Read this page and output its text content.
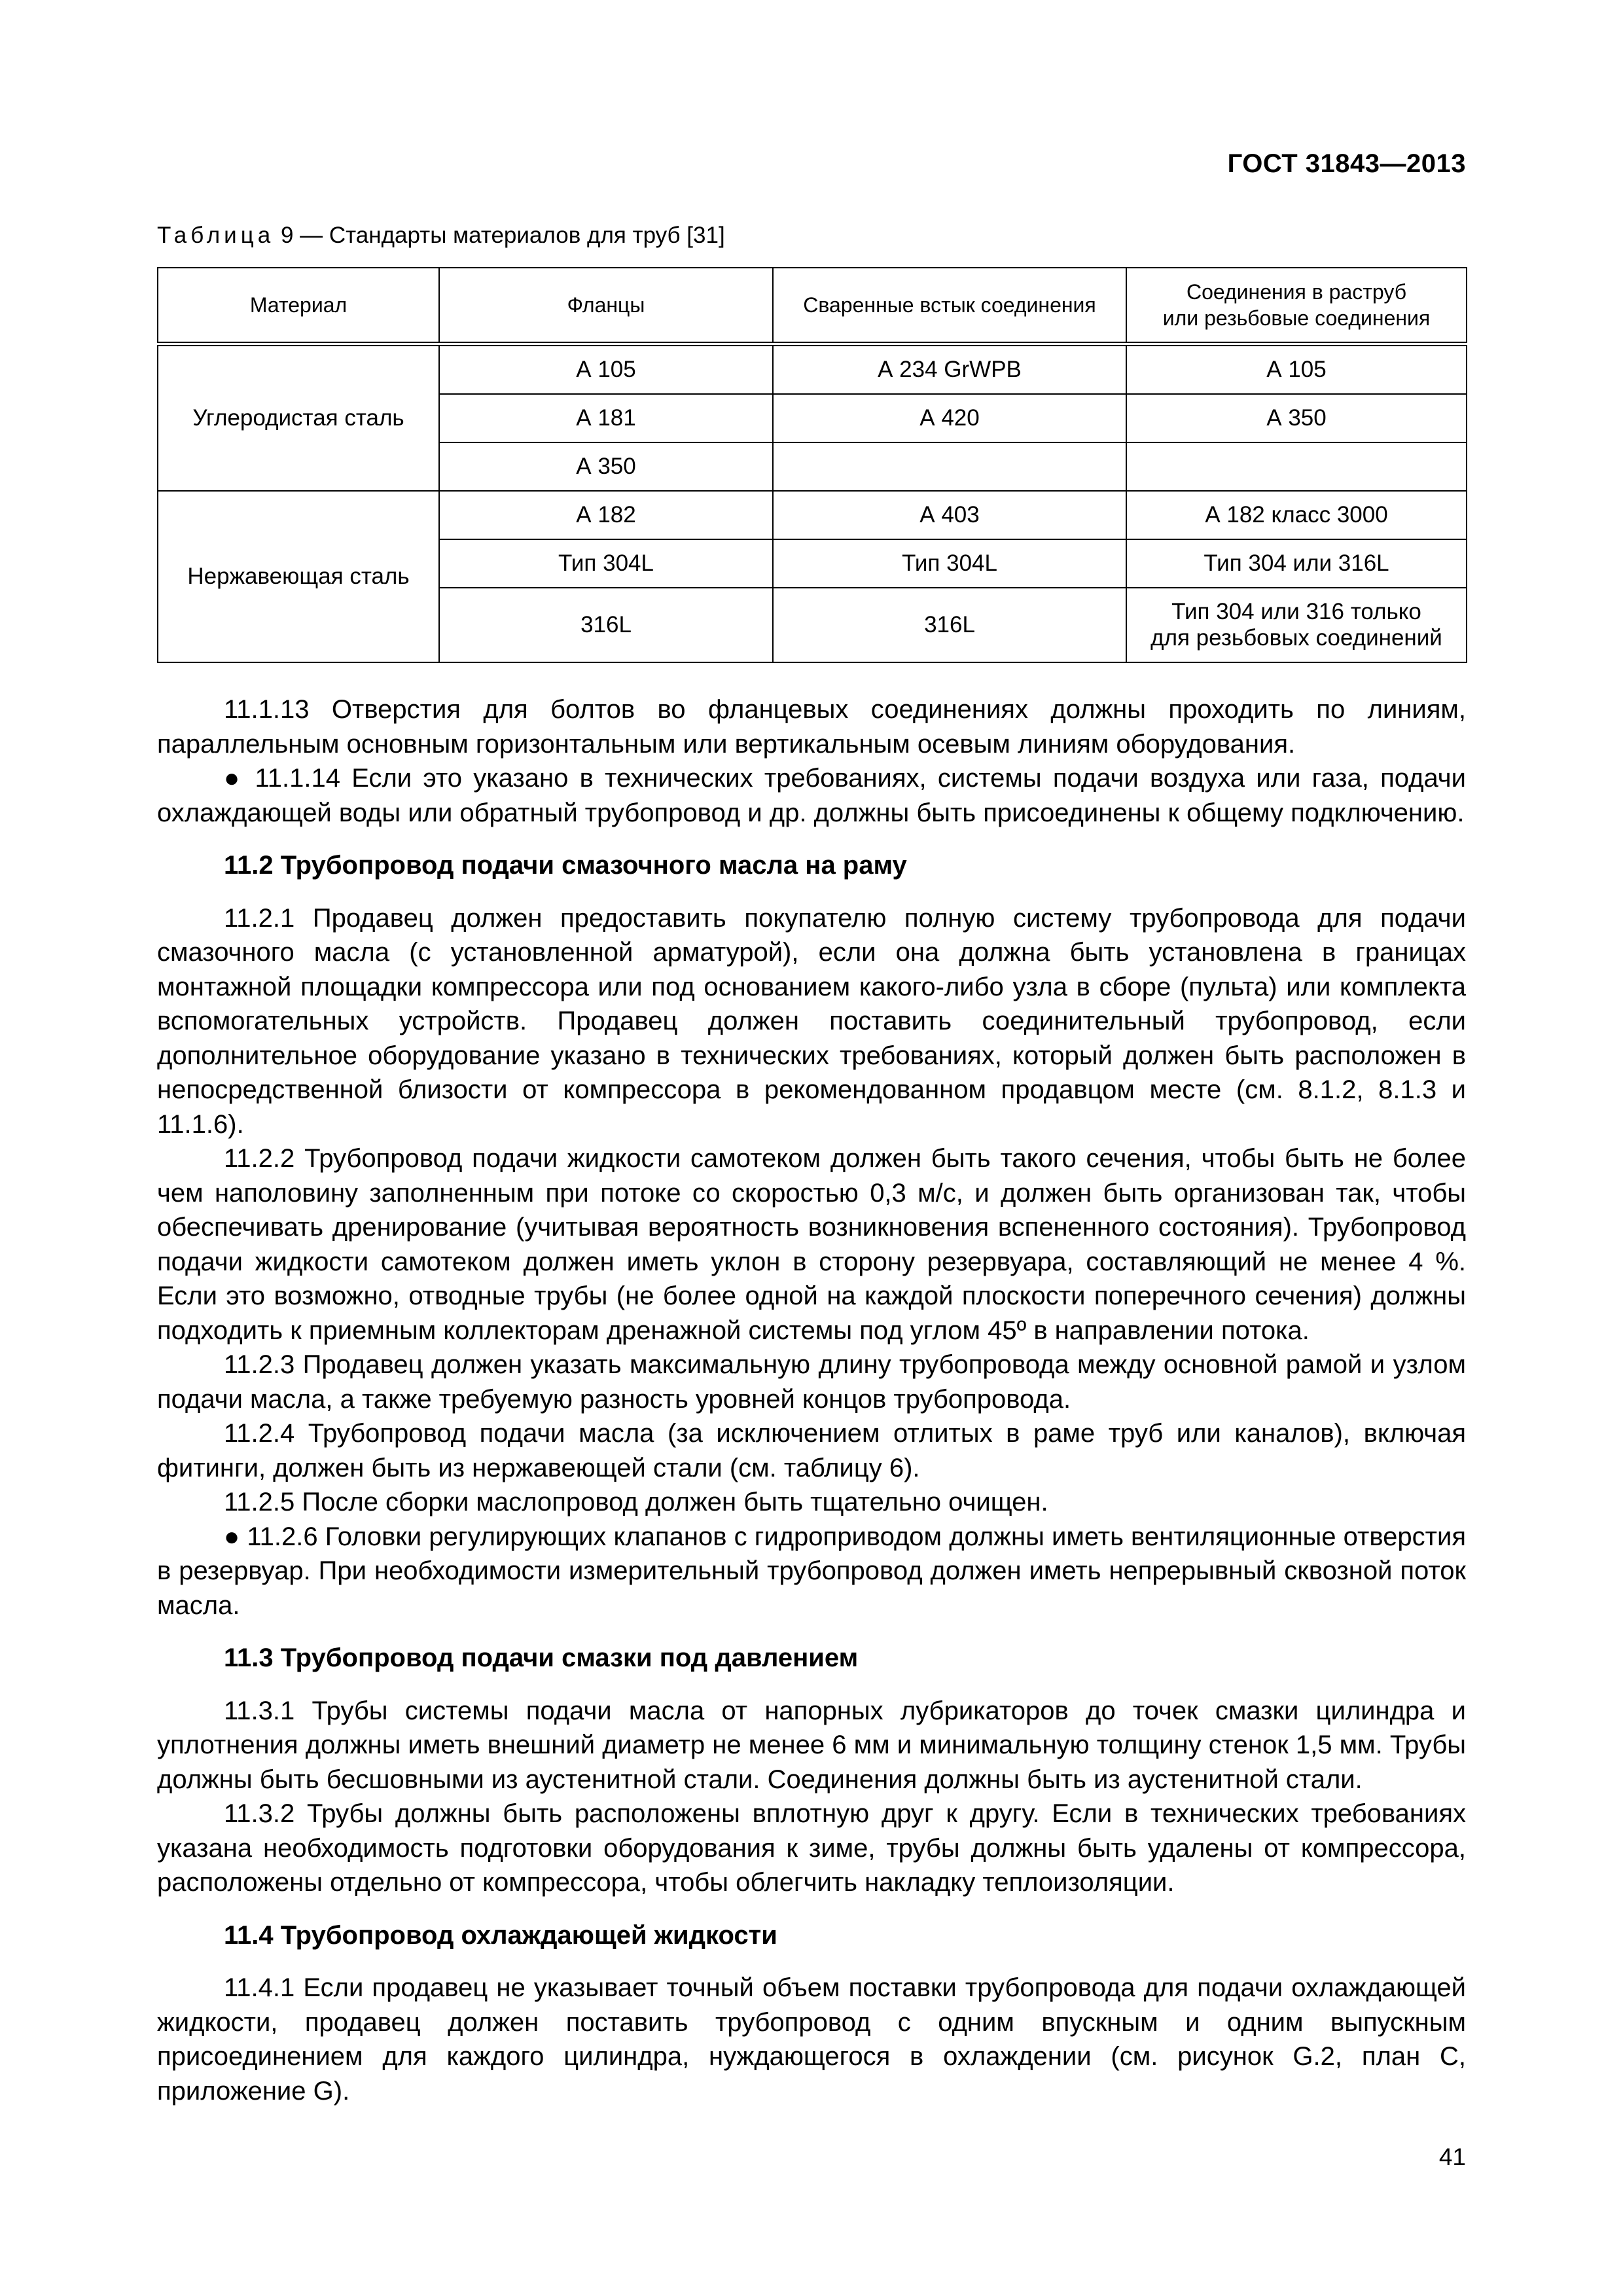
ГОСТ 31843—2013
Таблица 9 — Стандарты материалов для труб [31]
Материал	Фланцы	Сваренные встык соединения	Соединения в раструб
или резьбовые соединения
Углеродистая сталь	А 105	А 234 GrWPB	А 105
	А 181	А 420	А 350
	А 350		
Нержавеющая сталь	А 182	А 403	А 182 класс 3000
	Тип 304L	Тип 304L	Тип 304 или 316L
	316L	316L	Тип 304 или 316 только
для резьбовых соединений

11.1.13 Отверстия для болтов во фланцевых соединениях должны проходить по линиям, параллельным основным горизонтальным или вертикальным осевым линиям оборудования.

● 11.1.14 Если это указано в технических требованиях, системы подачи воздуха или газа, подачи охлаждающей воды или обратный трубопровод и др. должны быть присоединены к общему подключению.

11.2 Трубопровод подачи смазочного масла на раму

11.2.1 Продавец должен предоставить покупателю полную систему трубопровода для подачи смазочного масла (с установленной арматурой), если она должна быть установлена в границах монтажной площадки компрессора или под основанием какого-либо узла в сборе (пульта) или комплекта вспомогательных устройств. Продавец должен поставить соединительный трубопровод, если дополнительное оборудование указано в технических требованиях, который должен быть расположен в непосредственной близости от компрессора в рекомендованном продавцом месте (см. 8.1.2, 8.1.3 и 11.1.6).

11.2.2 Трубопровод подачи жидкости самотеком должен быть такого сечения, чтобы быть не более чем наполовину заполненным при потоке со скоростью 0,3 м/с, и должен быть организован так, чтобы обеспечивать дренирование (учитывая вероятность возникновения вспененного состояния). Трубопровод подачи жидкости самотеком должен иметь уклон в сторону резервуара, составляющий не менее 4 %. Если это возможно, отводные трубы (не более одной на каждой плоскости поперечного сечения) должны подходить к приемным коллекторам дренажной системы под углом 45º в направлении потока.

11.2.3 Продавец должен указать максимальную длину трубопровода между основной рамой и узлом подачи масла, а также требуемую разность уровней концов трубопровода.

11.2.4 Трубопровод подачи масла (за исключением отлитых в раме труб или каналов), включая фитинги, должен быть из нержавеющей стали (см. таблицу 6).

11.2.5 После сборки маслопровод должен быть тщательно очищен.

● 11.2.6 Головки регулирующих клапанов с гидроприводом должны иметь вентиляционные отверстия в резервуар. При необходимости измерительный трубопровод должен иметь непрерывный сквозной поток масла.

11.3 Трубопровод подачи смазки под давлением

11.3.1 Трубы системы подачи масла от напорных лубрикаторов до точек смазки цилиндра и уплотнения должны иметь внешний диаметр не менее 6 мм и минимальную толщину стенок 1,5 мм. Трубы должны быть бесшовными из аустенитной стали. Соединения должны быть из аустенитной стали.

11.3.2 Трубы должны быть расположены вплотную друг к другу. Если в технических требованиях указана необходимость подготовки оборудования к зиме, трубы должны быть удалены от компрессора, расположены отдельно от компрессора, чтобы облегчить накладку теплоизоляции.

11.4 Трубопровод охлаждающей жидкости

11.4.1 Если продавец не указывает точный объем поставки трубопровода для подачи охлаждающей жидкости, продавец должен поставить трубопровод с одним впускным и одним выпускным присоединением для каждого цилиндра, нуждающегося в охлаждении (см. рисунок G.2, план С, приложение G).

41
